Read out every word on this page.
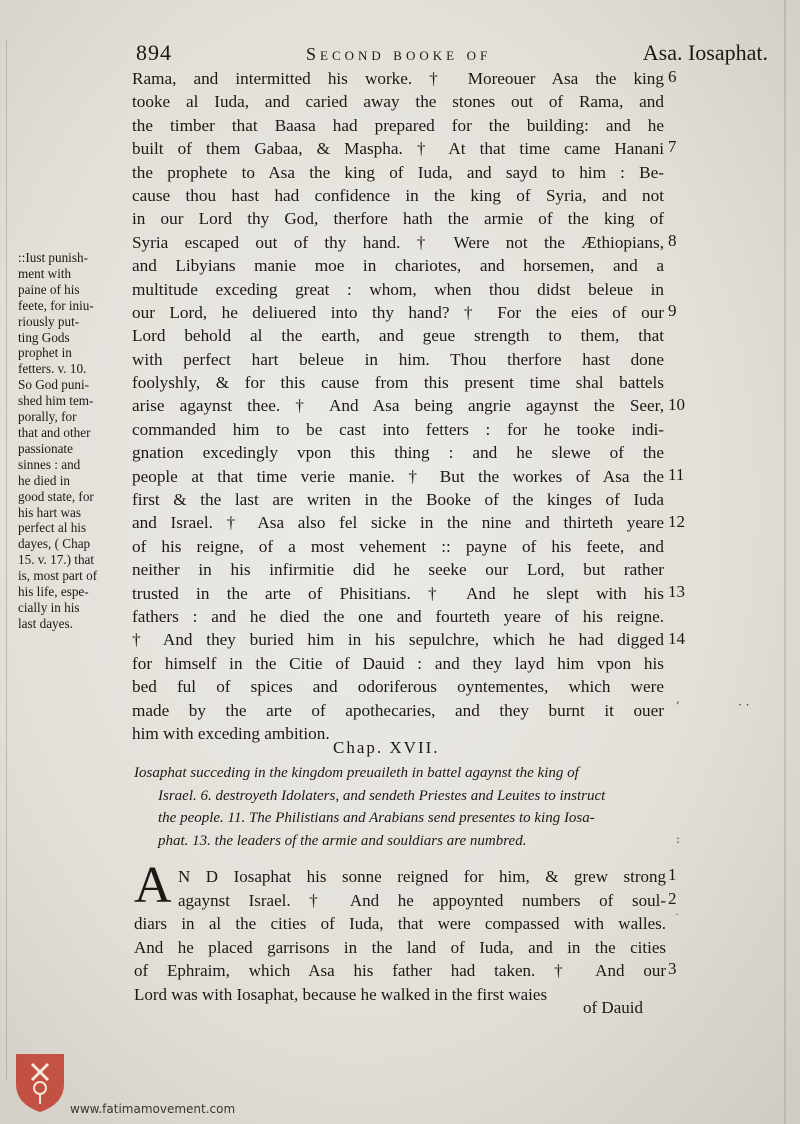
894	Second booke of	Asa. Iosaphat.
Rama, and intermitted his worke. † Moreouer Asa the king
tooke al Iuda, and caried away the stones out of Rama, and
the timber that Baasa had prepared for the building: and he
built of them Gabaa, & Maspha. † At that time came Hanani
the prophete to Asa the king of Iuda, and sayd to him : Be-
cause thou hast had confidence in the king of Syria, and not
in our Lord thy God, therfore hath the armie of the king of
Syria escaped out of thy hand. † Were not the Æthiopians,
and Libyians manie moe in chariotes, and horsemen, and a
multitude exceding great : whom, when thou didst beleue in
our Lord, he deliuered into thy hand? † For the eies of our
Lord behold al the earth, and geue strength to them, that
with perfect hart beleue in him. Thou therfore hast done
foolyshly, & for this cause from this present time shal battels
arise agaynst thee. † And Asa being angrie agaynst the Seer,
commanded him to be cast into fetters : for he tooke indi-
gnation excedingly vpon this thing : and he slewe of the
people at that time verie manie. † But the workes of Asa the
first & the last are writen in the Booke of the kinges of Iuda
and Israel. † Asa also fel sicke in the nine and thirteth yeare
of his reigne, of a most vehement :: payne of his feete, and
neither in his infirmitie did he seeke our Lord, but rather
trusted in the arte of Phisitians. † And he slept with his
fathers : and he died the one and fourteth yeare of his reigne.
† And they buried him in his sepulchre, which he had digged
for himself in the Citie of Dauid : and they layd him vpon his
bed ful of spices and odoriferous oyntementes, which were
made by the arte of apothecaries, and they burnt it ouer
him with exceding ambition.
6
7
8
9
10
11
12
13
14
::Iust punish-
ment with
paine of his
feete, for iniu-
riously put-
ting Gods
prophet in
fetters. v. 10.
So God puni-
shed him tem-
porally, for
that and other
passionate
sinnes : and
he died in
good state, for
his hart was
perfect al his
dayes, ( Chap
15. v. 17.) that
is, most part of
his life, espe-
cially in his
last dayes.
Chap. XVII.
Iosaphat succeding in the kingdom preuaileth in battel agaynst the king of
Israel. 6. destroyeth Idolaters, and sendeth Priestes and Leuites to instruct
the people. 11. The Philistians and Arabians send presentes to king Iosa-
phat. 13. the leaders of the armie and souldiars are numbred.
A N D Iosaphat his sonne reigned for him, & grew strong
agaynst Israel. † And he appoynted numbers of soul-
diars in al the cities of Iuda, that were compassed with walles.
And he placed garrisons in the land of Iuda, and in the cities
of Ephraim, which Asa his father had taken. † And our
Lord was with Iosaphat, because he walked in the first waies
1
2
3
of Dauid
,	· ·
:
˙
www.fatimamovement.com
